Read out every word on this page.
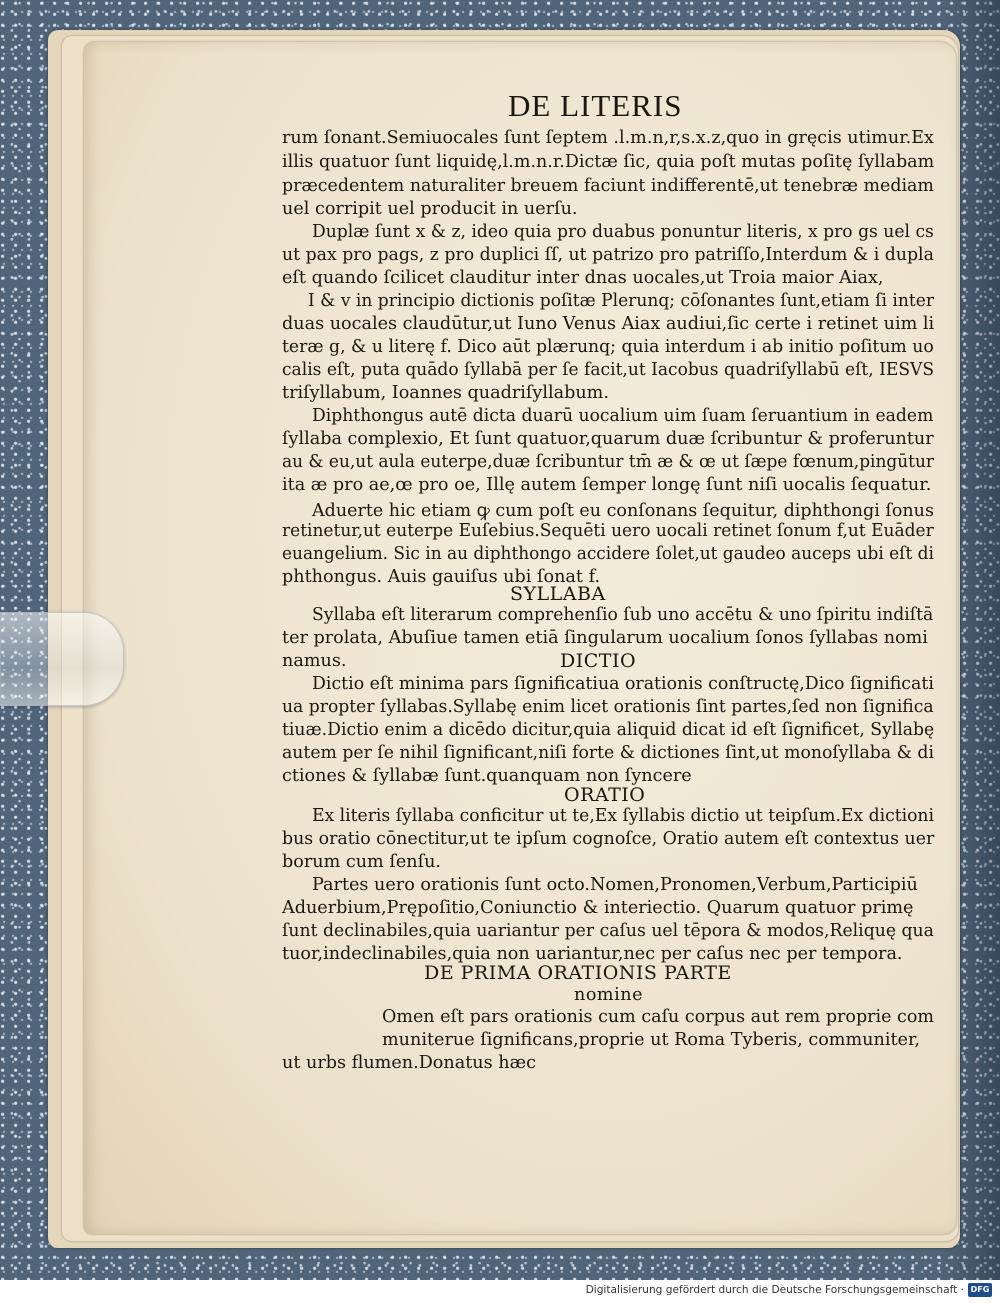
DE LITERIS
rum ſonant.Semiuocales ſunt ſeptem .l.m.n,r,s.x.z,quo in gręcis utimur.Ex
illis quatuor ſunt liquidę,l.m.n.r.Dictæ ſic, quia poſt mutas poſitę ſyllabam
præcedentem naturaliter breuem faciunt indifferentē,ut tenebræ mediam
uel corripit uel producit in uerſu.
Duplæ ſunt x & z, ideo quia pro duabus ponuntur literis, x pro gs uel cs
ut pax pro pags, z pro duplici ſſ, ut patrizo pro patriſſo,Interdum & i dupla
eſt quando ſcilicet clauditur inter dnas uocales,ut Troia maior Aiax,
I & v in principio dictionis poſitæ Plerunq; cōſonantes ſunt,etiam ſi inter
duas uocales claudūtur,ut Iuno Venus Aiax audiui,ſic certe i retinet uim li
teræ g, & u literę f. Dico aūt plærunq; quia interdum i ab initio poſitum uo
calis eſt, puta quādo ſyllabā per ſe facit,ut Iacobus quadriſyllabū eſt, IESVS
triſyllabum, Ioannes quadriſyllabum.
Diphthongus autē dicta duarū uocalium uim ſuam ſeruantium in eadem
ſyllaba complexio, Et ſunt quatuor,quarum duæ ſcribuntur & proferuntur
au & eu,ut aula euterpe,duæ ſcribuntur tm̄ æ & œ ut ſæpe fœnum,pingūtur
ita æ pro ae,œ pro oe, Illę autem ſemper longę ſunt niſi uocalis ſequatur.
Aduerte hic etiam ꝙ cum poſt eu conſonans ſequitur, diphthongi ſonus
retinetur,ut euterpe Euſebius.Sequēti uero uocali retinet ſonum f,ut Euāder
euangelium. Sic in au diphthongo accidere ſolet,ut gaudeo auceps ubi eſt di
phthongus. Auis gauiſus ubi ſonat f.
SYLLABA
Syllaba eſt literarum comprehenſio ſub uno accētu & uno ſpiritu indiſtā
ter prolata, Abuſiue tamen etiā ſingularum uocalium ſonos ſyllabas nomi
namus.	DICTIO
Dictio eſt minima pars ſignificatiua orationis conſtructę,Dico ſignificati
ua propter ſyllabas.Syllabę enim licet orationis ſint partes,ſed non ſignifica
tiuæ.Dictio enim a dicēdo dicitur,quia aliquid dicat id eſt ſignificet, Syllabę
autem per ſe nihil ſignificant,niſi forte & dictiones ſint,ut monoſyllaba & di
ctiones & ſyllabæ ſunt.quanquam non ſyncere
ORATIO
Ex literis ſyllaba conficitur ut te,Ex ſyllabis dictio ut teipſum.Ex dictioni
bus oratio cōnectitur,ut te ipſum cognoſce, Oratio autem eſt contextus uer
borum cum ſenſu.
Partes uero orationis ſunt octo.Nomen,Pronomen,Verbum,Participiū
Aduerbium,Prępoſitio,Coniunctio & interiectio. Quarum quatuor primę
ſunt declinabiles,quia uariantur per caſus uel tēpora & modos,Reliquę qua
tuor,indeclinabiles,quia non uariantur,nec per caſus nec per tempora.
DE PRIMA ORATIONIS PARTE
nomine
Omen eſt pars orationis cum caſu corpus aut rem proprie com
muniterue ſignificans,proprie ut Roma Tyberis, communiter,
ut urbs flumen.Donatus hæc
Digitalisierung gefördert durch die Deutsche Forschungsgemeinschaft · DFG
